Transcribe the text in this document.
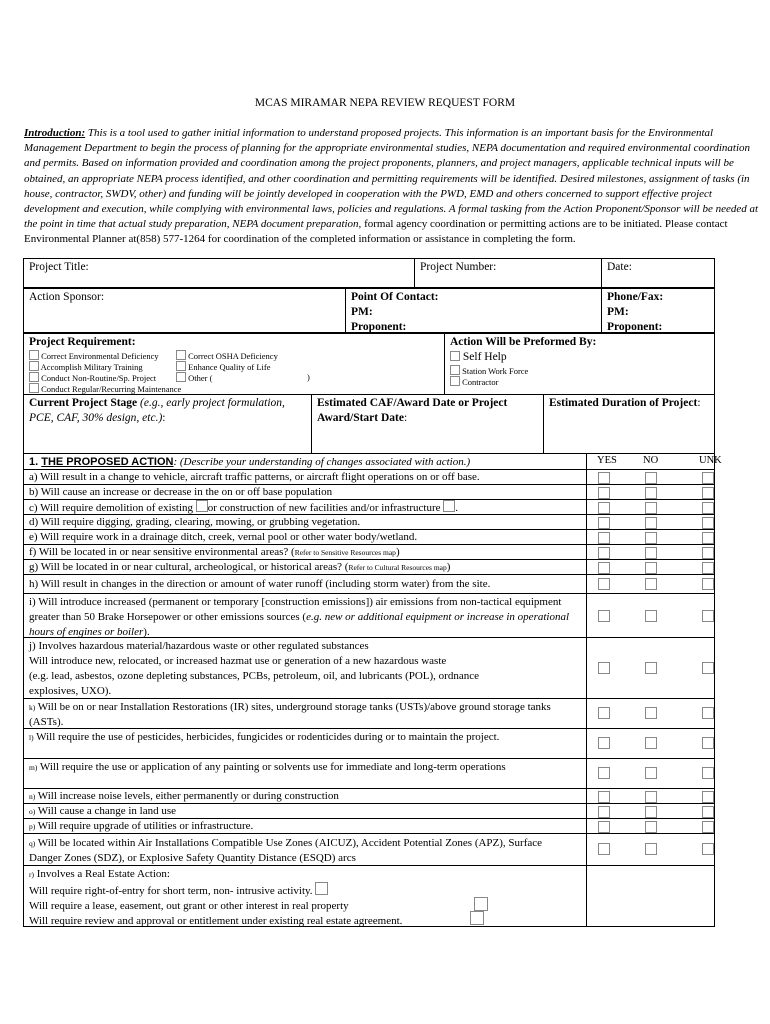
MCAS MIRAMAR NEPA REVIEW REQUEST FORM
Introduction: This is a tool used to gather initial information to understand proposed projects. This information is an important basis for the Environmental Management Department to begin the process of planning for the appropriate environmental studies, NEPA documentation and required environmental coordination and permits. Based on information provided and coordination among the project proponents, planners, and project managers, applicable technical inputs will be obtained, an appropriate NEPA process identified, and other coordination and permitting requirements will be identified. Desired milestones, assignment of tasks (in house, contractor, SWDV, other) and funding will be jointly developed in cooperation with the PWD, EMD and others concerned to support effective project development and execution, while complying with environmental laws, policies and regulations. A formal tasking from the Action Proponent/Sponsor will be needed at the point in time that actual study preparation, NEPA document preparation, formal agency coordination or permitting actions are to be initiated. Please contact Environmental Planner at(858) 577-1264 for coordination of the completed information or assistance in completing the form.
Project Title:	Project Number:	Date:
Action Sponsor:	Point Of Contact:
PM:
Proponent:
Phone/Fax:
PM:
Proponent:
Project Requirement:
Correct Environmental Deficiency	Correct OSHA Deficiency
Accomplish Military Training	Enhance Quality of Life
Conduct Non-Routine/Sp. Project	Other (	)
Conduct Regular/Recurring Maintenance
Action Will be Preformed By:
Self Help
Station Work Force
Contractor
Current Project Stage (e.g., early project formulation, PCE, CAF, 30% design, etc.):
Estimated CAF/Award Date or Project Award/Start Date:
Estimated Duration of Project:
1. THE PROPOSED ACTION: (Describe your understanding of changes associated with action.)	YES NO	UNK
a) Will result in a change to vehicle, aircraft traffic patterns, or aircraft flight operations on or off base.
b) Will cause an increase or decrease in the on or off base population
c) Will require demolition of existing or construction of new facilities and/or infrastructure .
d) Will require digging, grading, clearing, mowing, or grubbing vegetation.
e) Will require work in a drainage ditch, creek, vernal pool or other water body/wetland.
f) Will be located in or near sensitive environmental areas? (Refer to Sensitive Resources map)
g) Will be located in or near cultural, archeological, or historical areas? (Refer to Cultural Resources map)
h) Will result in changes in the direction or amount of water runoff (including storm water) from the site.
i) Will introduce increased (permanent or temporary [construction emissions]) air emissions from non-tactical equipment greater than 50 Brake Horsepower or other emissions sources (e.g. new or additional equipment or increase in operational hours of engines or boiler).
j) Involves hazardous material/hazardous waste or other regulated substances
Will introduce new, relocated, or increased hazmat use or generation of a new hazardous waste
(e.g. lead, asbestos, ozone depleting substances, PCBs, petroleum, oil, and lubricants (POL), ordnance explosives, UXO).
k) Will be on or near Installation Restorations (IR) sites, underground storage tanks (USTs)/above ground storage tanks (ASTs).
l) Will require the use of pesticides, herbicides, fungicides or rodenticides during or to maintain the project.
m) Will require the use or application of any painting or solvents use for immediate and long-term operations
n) Will increase noise levels, either permanently or during construction
o) Will cause a change in land use
p) Will require upgrade of utilities or infrastructure.
q) Will be located within Air Installations Compatible Use Zones (AICUZ), Accident Potential Zones (APZ), Surface Danger Zones (SDZ), or Explosive Safety Quantity Distance (ESQD) arcs
r) Involves a Real Estate Action:
Will require right-of-entry for short term, non- intrusive activity.
Will require a lease, easement, out grant or other interest in real property
Will require review and approval or entitlement under existing real estate agreement.
